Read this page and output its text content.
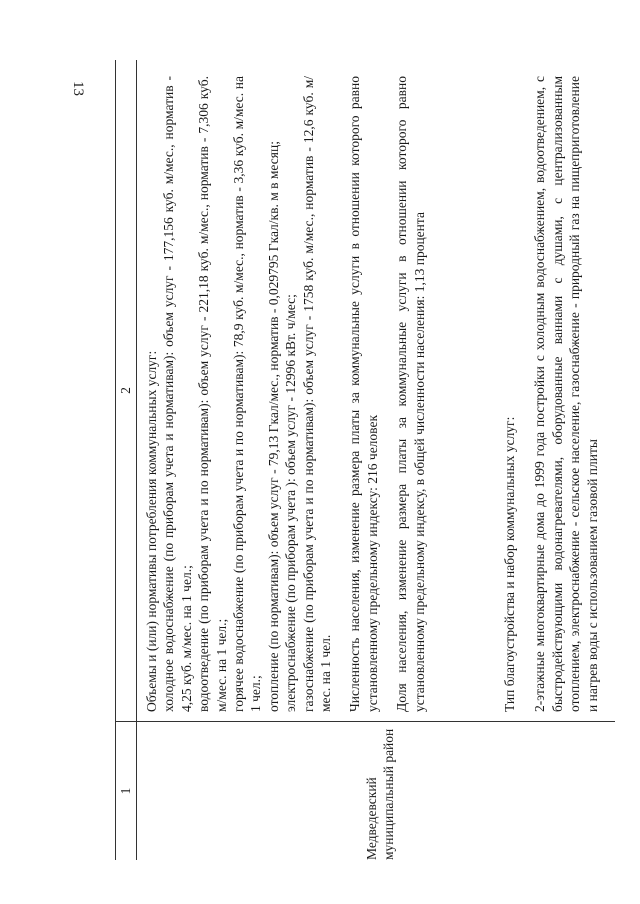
13
1
2
Медведевский муниципальный район

Объемы и (или) нормативы потребления коммунальных услуг: холодное водоснабжение (по приборам учета и нормативам): объем услуг - 177,156 куб. м/мес., норматив - 4,25 куб. м/мес. на 1 чел.; водоотведение (по приборам учета и по нормативам): объем услуг - 221,18 куб. м/мес., норматив - 7,306 куб. м/мес. на 1 чел.; горячее водоснабжение (по приборам учета и по нормативам): 78,9 куб. м/мес., норматив - 3,36 куб. м/мес. на 1 чел.; отопление (по нормативам): объем услуг - 79,13 Гкал/мес., норматив - 0,029795 Гкал/кв. м в месяц; электроснабжение (по приборам учета ): объем услуг - 12996 кВт. ч/мес; газоснабжение (по приборам учета и по нормативам): объем услуг - 1758 куб. м/мес., норматив - 12,6 куб. м/мес. на 1 чел. Численность населения, изменение размера платы за коммунальные услуги в отношении которого равно установленному предельному индексу: 216 человек Доля населения, изменение размера платы за коммунальные услуги в отношении которого равно установленному предельному индексу, в общей численности населения: 1,13 процента	Тип благоустройства и набор коммунальных услуг: 2-этажные многоквартирные дома до 1999 года постройки с холодным водоснабжением, водоотведением, с быстродействующими водонагревателями, оборудованные ваннами с душами, с централизованным отоплением, электроснабжение - сельское население, газоснабжение - природный газ на пищеприготовление и нагрев воды с использованием газовой плиты
